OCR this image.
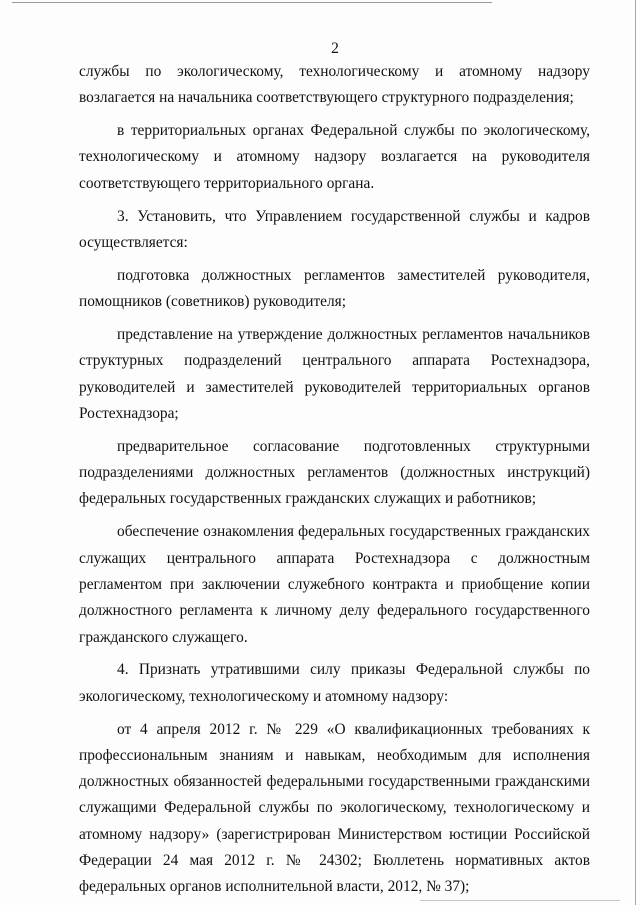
2

службы по экологическому, технологическому и атомному надзору возлагается на начальника соответствующего структурного подразделения;

в территориальных органах Федеральной службы по экологическому, технологическому и атомному надзору возлагается на руководителя соответствующего территориального органа.

3. Установить, что Управлением государственной службы и кадров осуществляется:

подготовка должностных регламентов заместителей руководителя, помощников (советников) руководителя;

представление на утверждение должностных регламентов начальников структурных подразделений центрального аппарата Ростехнадзора, руководителей и заместителей руководителей территориальных органов Ростехнадзора;

предварительное согласование подготовленных структурными подразделениями должностных регламентов (должностных инструкций) федеральных государственных гражданских служащих и работников;

обеспечение ознакомления федеральных государственных гражданских служащих центрального аппарата Ростехнадзора с должностным регламентом при заключении служебного контракта и приобщение копии должностного регламента к личному делу федерального государственного гражданского служащего.

4. Признать утратившими силу приказы Федеральной службы по экологическому, технологическому и атомному надзору:

от 4 апреля 2012 г. № 229 «О квалификационных требованиях к профессиональным знаниям и навыкам, необходимым для исполнения должностных обязанностей федеральными государственными гражданскими служащими Федеральной службы по экологическому, технологическому и атомному надзору» (зарегистрирован Министерством юстиции Российской Федерации 24 мая 2012 г. № 24302; Бюллетень нормативных актов федеральных органов исполнительной власти, 2012, № 37);
